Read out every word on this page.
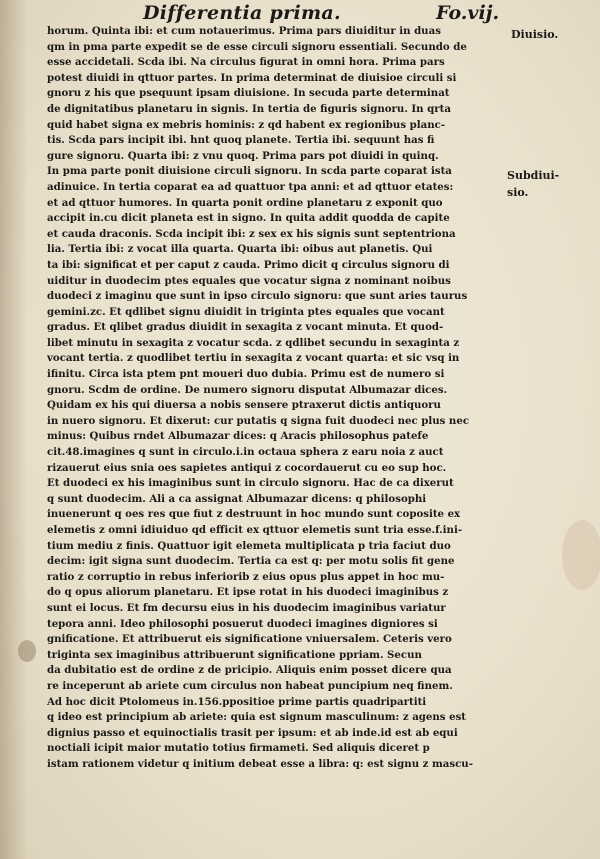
Differentia prima.	Fo.vij.
Diuisio.
Subdiui-
sio.
horum. Quinta ibi: et cum notauerimus. Prima pars diuiditur in duas
qm in pma parte expedit se de esse circuli signoru essentiali. Secundo de
esse accidetali. Scda ibi. Na circulus figurat in omni hora. Prima pars
potest diuidi in qttuor partes. In prima determinat de diuisioe circuli si
gnoru z his que psequunt ipsam diuisione. In secuda parte determinat
de dignitatibus planetaru in signis. In tertia de figuris signoru. In qrta
quid habet signa ex mebris hominis: z qd habent ex regionibus planc-
tis. Scda pars incipit ibi. hnt quoq planete. Tertia ibi. sequunt has fi
gure signoru. Quarta ibi: z vnu quoq. Prima pars pot diuidi in quinq.
In pma parte ponit diuisione circuli signoru. In scda parte coparat ista
adinuice. In tertia coparat ea ad quattuor tpa anni: et ad qttuor etates:
et ad qttuor humores. In quarta ponit ordine planetaru z exponit quo
accipit in.cu dicit planeta est in signo. In quita addit quodda de capite
et cauda draconis. Scda incipit ibi: z sex ex his signis sunt septentriona
lia. Tertia ibi: z vocat illa quarta. Quarta ibi: oibus aut planetis. Qui
ta ibi: significat et per caput z cauda. Primo dicit q circulus signoru di
uiditur in duodecim ptes equales que vocatur signa z nominant noibus
duodeci z imaginu que sunt in ipso circulo signoru: que sunt aries taurus
gemini.zc. Et qdlibet signu diuidit in triginta ptes equales que vocant
gradus. Et qlibet gradus diuidit in sexagita z vocant minuta. Et quod-
libet minutu in sexagita z vocatur scda. z qdlibet secundu in sexaginta z
vocant tertia. z quodlibet tertiu in sexagita z vocant quarta: et sic vsq in
ifinitu. Circa ista ptem pnt moueri duo dubia. Primu est de numero si
gnoru. Scdm de ordine. De numero signoru disputat Albumazar dices.
Quidam ex his qui diuersa a nobis sensere ptraxerut dictis antiquoru
in nuero signoru. Et dixerut: cur putatis q signa fuit duodeci nec plus nec
minus: Quibus rndet Albumazar dices: q Aracis philosophus patefe
cit.48.imagines q sunt in circulo.i.in octaua sphera z earu noia z auct
rizauerut eius snia oes sapietes antiqui z cocordauerut cu eo sup hoc.
Et duodeci ex his imaginibus sunt in circulo signoru. Hac de ca dixerut
q sunt duodecim. Ali a ca assignat Albumazar dicens: q philosophi
inuenerunt q oes res que fiut z destruunt in hoc mundo sunt coposite ex
elemetis z omni idiuiduo qd efficit ex qttuor elemetis sunt tria esse.f.ini-
tium mediu z finis. Quattuor igit elemeta multiplicata p tria faciut duo
decim: igit signa sunt duodecim. Tertia ca est q: per motu solis fit gene
ratio z corruptio in rebus inferiorib z eius opus plus appet in hoc mu-
do q opus aliorum planetaru. Et ipse rotat in his duodeci imaginibus z
sunt ei locus. Et fm decursu eius in his duodecim imaginibus variatur
tepora anni. Ideo philosophi posuerut duodeci imagines digniores si
gnificatione. Et attribuerut eis significatione vniuersalem. Ceteris vero
triginta sex imaginibus attribuerunt significatione ppriam. Secun
da dubitatio est de ordine z de pricipio. Aliquis enim posset dicere qua
re inceperunt ab ariete cum circulus non habeat puncipium neq finem.
Ad hoc dicit Ptolomeus in.156.ppositioe prime partis quadripartiti
q ideo est principium ab ariete: quia est signum masculinum: z agens est
dignius passo et equinoctialis trasit per ipsum: et ab inde.id est ab equi
noctiali icipit maior mutatio totius firmameti. Sed aliquis diceret p
istam rationem videtur q initium debeat esse a libra: q: est signu z mascu-
